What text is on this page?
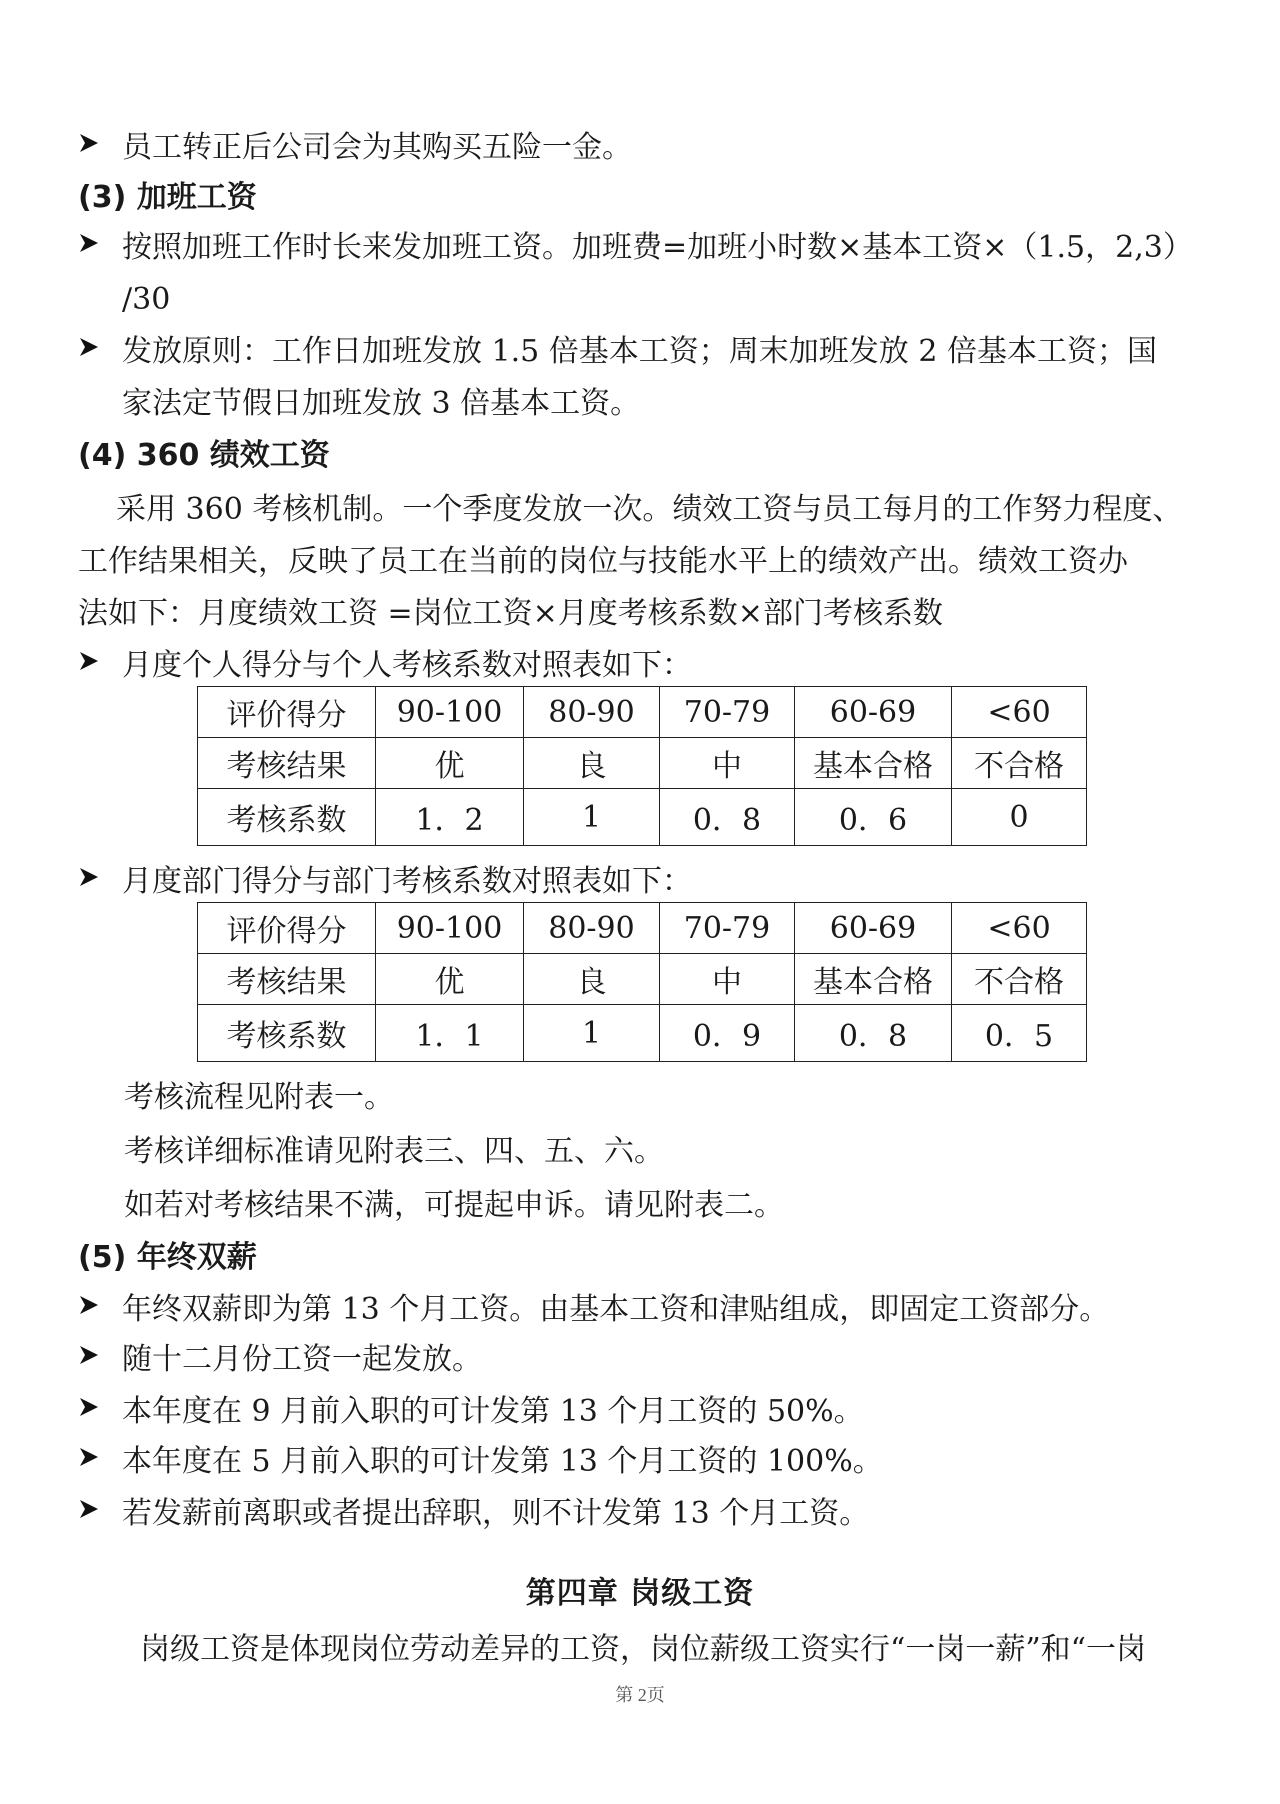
员工转正后公司会为其购买五险一金。
(3) 加班工资
按照加班工作时长来发加班工资。加班费=加班小时数×基本工资×（1.5，2,3）
/30
发放原则：工作日加班发放 1.5 倍基本工资；周末加班发放 2 倍基本工资；国
家法定节假日加班发放 3 倍基本工资。
(4) 360 绩效工资
采用 360 考核机制。一个季度发放一次。绩效工资与员工每月的工作努力程度、
工作结果相关，反映了员工在当前的岗位与技能水平上的绩效产出。绩效工资办
法如下：月度绩效工资 =岗位工资×月度考核系数×部门考核系数
月度个人得分与个人考核系数对照表如下：
评价得分	90-100	80-90	70-79	60-69	<60
考核结果	优	良	中	基本合格	不合格
考核系数	1．2	1	0．8	0．6	0
月度部门得分与部门考核系数对照表如下：
评价得分	90-100	80-90	70-79	60-69	<60
考核结果	优	良	中	基本合格	不合格
考核系数	1．1	1	0．9	0．8	0．5
考核流程见附表一。
考核详细标准请见附表三、四、五、六。
如若对考核结果不满，可提起申诉。请见附表二。
(5) 年终双薪
年终双薪即为第 13 个月工资。由基本工资和津贴组成，即固定工资部分。
随十二月份工资一起发放。
本年度在 9 月前入职的可计发第 13 个月工资的 50%。
本年度在 5 月前入职的可计发第 13 个月工资的 100%。
若发薪前离职或者提出辞职，则不计发第 13 个月工资。
第四章 岗级工资
岗级工资是体现岗位劳动差异的工资，岗位薪级工资实行“一岗一薪”和“一岗
第 2页
